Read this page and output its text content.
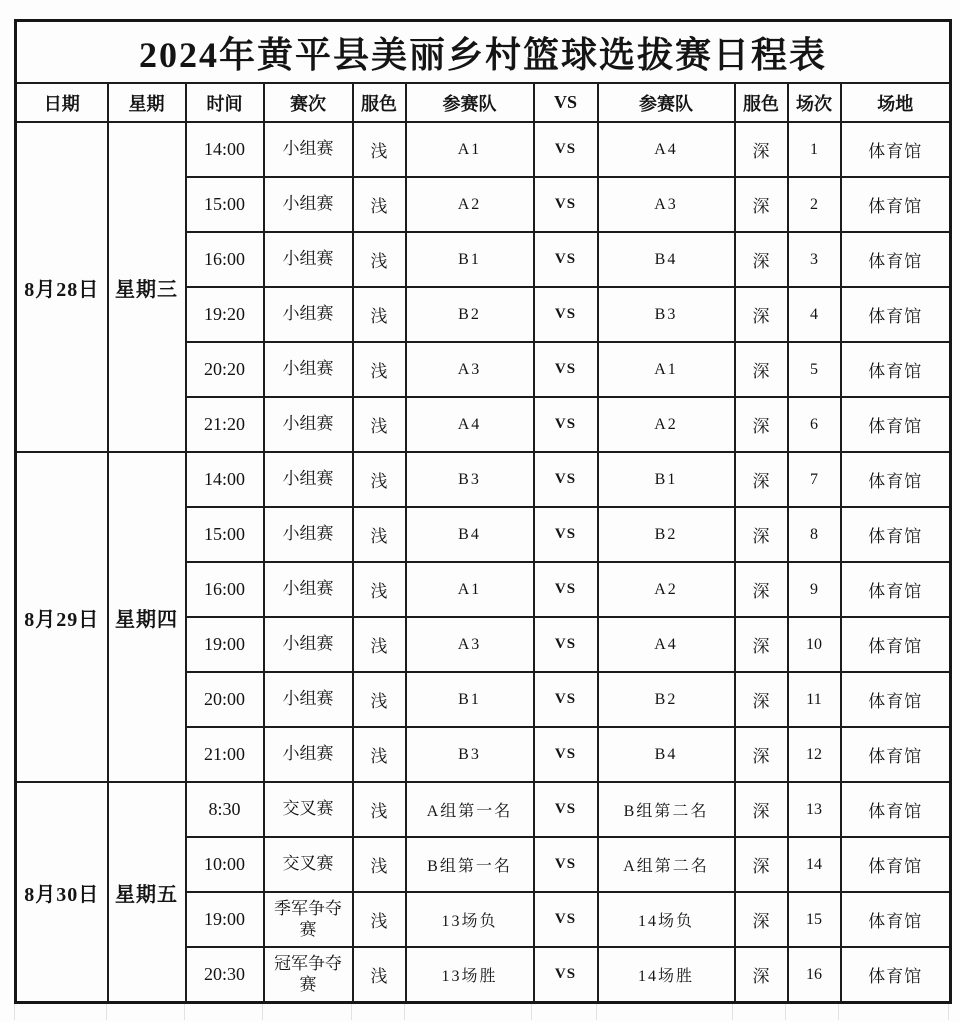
2024年黄平县美丽乡村篮球选拔赛日程表										
日期	星期	时间	赛次	服色	参赛队	VS	参赛队	服色	场次	场地
8月28日	星期三	14:00	小组赛	浅	A1	VS	A4	深	1	体育馆
		15:00	小组赛	浅	A2	VS	A3	深	2	体育馆
		16:00	小组赛	浅	B1	VS	B4	深	3	体育馆
		19:20	小组赛	浅	B2	VS	B3	深	4	体育馆
		20:20	小组赛	浅	A3	VS	A1	深	5	体育馆
		21:20	小组赛	浅	A4	VS	A2	深	6	体育馆
8月29日	星期四	14:00	小组赛	浅	B3	VS	B1	深	7	体育馆
		15:00	小组赛	浅	B4	VS	B2	深	8	体育馆
		16:00	小组赛	浅	A1	VS	A2	深	9	体育馆
		19:00	小组赛	浅	A3	VS	A4	深	10	体育馆
		20:00	小组赛	浅	B1	VS	B2	深	11	体育馆
		21:00	小组赛	浅	B3	VS	B4	深	12	体育馆
8月30日	星期五	8:30	交叉赛	浅	A组第一名	VS	B组第二名	深	13	体育馆
		10:00	交叉赛	浅	B组第一名	VS	A组第二名	深	14	体育馆
		19:00	季军争夺赛	浅	13场负	VS	14场负	深	15	体育馆
		20:30	冠军争夺赛	浅	13场胜	VS	14场胜	深	16	体育馆
